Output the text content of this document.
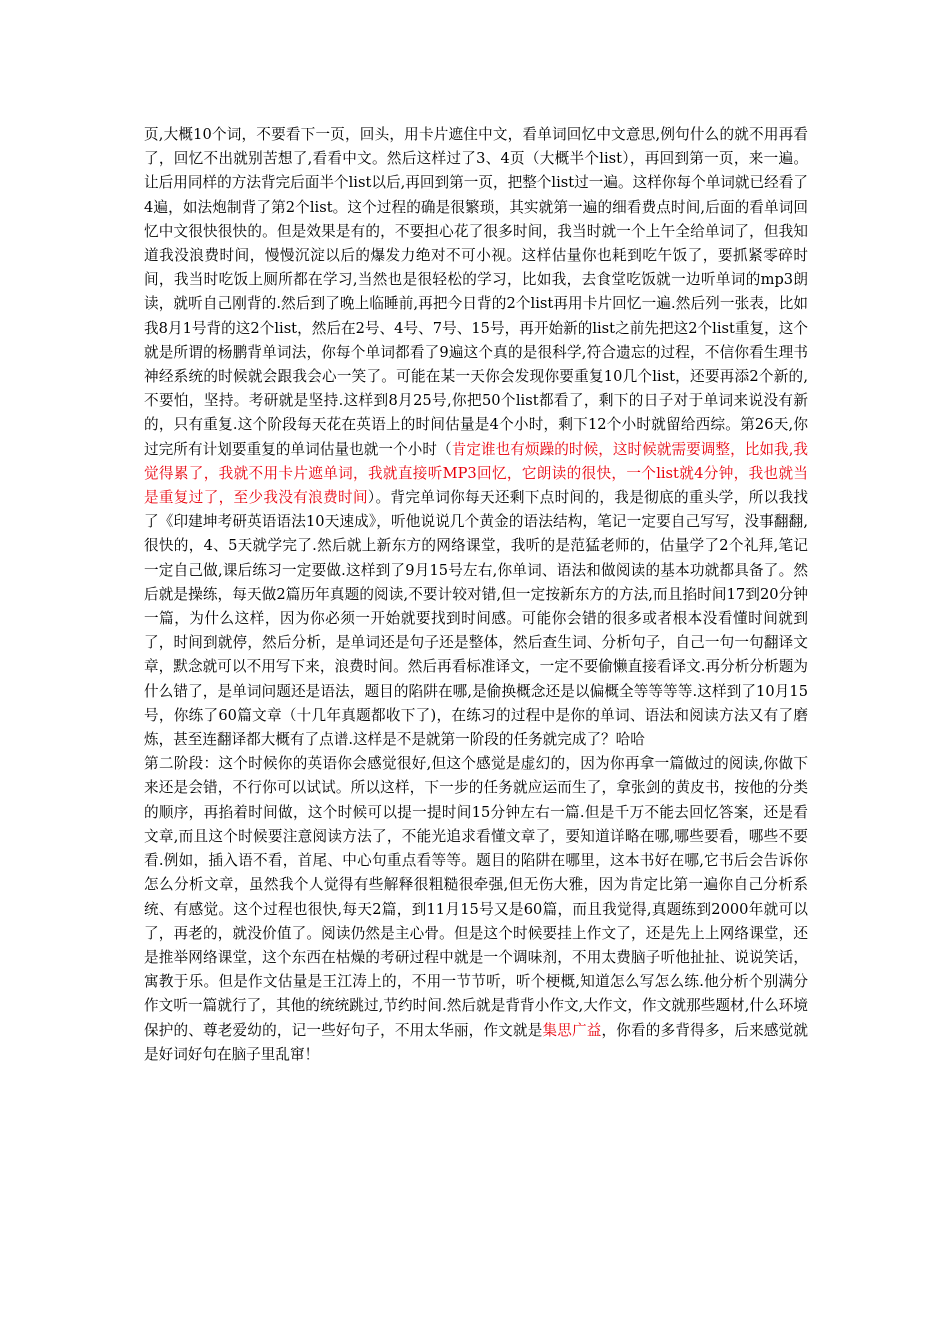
页,大概10个词，不要看下一页，回头，用卡片遮住中文，看单词回忆中文意思,例句什么的就不用再看了，回忆不出就别苦想了,看看中文。然后这样过了3、4页（大概半个list），再回到第一页，来一遍。让后用同样的方法背完后面半个list以后,再回到第一页，把整个list过一遍。这样你每个单词就已经看了4遍，如法炮制背了第2个list。这个过程的确是很繁琐，其实就第一遍的细看费点时间,后面的看单词回忆中文很快很快的。但是效果是有的，不要担心花了很多时间，我当时就一个上午全给单词了，但我知道我没浪费时间，慢慢沉淀以后的爆发力绝对不可小视。这样估量你也耗到吃午饭了，要抓紧零碎时间，我当时吃饭上厕所都在学习,当然也是很轻松的学习，比如我，去食堂吃饭就一边听单词的mp3朗读，就听自己刚背的.然后到了晚上临睡前,再把今日背的2个list再用卡片回忆一遍.然后列一张表，比如我8月1号背的这2个list，然后在2号、4号、7号、15号，再开始新的list之前先把这2个list重复，这个就是所谓的杨鹏背单词法，你每个单词都看了9遍这个真的是很科学,符合遗忘的过程，不信你看生理书神经系统的时候就会跟我会心一笑了。可能在某一天你会发现你要重复10几个list，还要再添2个新的,不要怕，坚持。考研就是坚持.这样到8月25号,你把50个list都看了，剩下的日子对于单词来说没有新的，只有重复.这个阶段每天花在英语上的时间估量是4个小时，剩下12个小时就留给西综。第26天,你过完所有计划要重复的单词估量也就一个小时（肯定谁也有烦躁的时候，这时候就需要调整，比如我,我觉得累了，我就不用卡片遮单词，我就直接听MP3回忆，它朗读的很快，一个list就4分钟，我也就当是重复过了，至少我没有浪费时间）。背完单词你每天还剩下点时间的，我是彻底的重头学，所以我找了《印建坤考研英语语法10天速成》，听他说说几个黄金的语法结构，笔记一定要自己写写，没事翻翻,很快的，4、5天就学完了.然后就上新东方的网络课堂，我听的是范猛老师的，估量学了2个礼拜,笔记一定自己做,课后练习一定要做.这样到了9月15号左右,你单词、语法和做阅读的基本功就都具备了。然后就是操练，每天做2篇历年真题的阅读,不要计较对错,但一定按新东方的方法,而且掐时间17到20分钟一篇，为什么这样，因为你必须一开始就要找到时间感。可能你会错的很多或者根本没看懂时间就到了，时间到就停，然后分析，是单词还是句子还是整体，然后查生词、分析句子，自己一句一句翻译文章，默念就可以不用写下来，浪费时间。然后再看标准译文，一定不要偷懒直接看译文.再分析分析题为什么错了，是单词问题还是语法，题目的陷阱在哪,是偷换概念还是以偏概全等等等等.这样到了10月15号，你练了60篇文章（十几年真题都收下了)，在练习的过程中是你的单词、语法和阅读方法又有了磨炼，甚至连翻译都大概有了点谱.这样是不是就第一阶段的任务就完成了？哈哈

第二阶段：这个时候你的英语你会感觉很好,但这个感觉是虚幻的，因为你再拿一篇做过的阅读,你做下来还是会错，不行你可以试试。所以这样，下一步的任务就应运而生了，拿张剑的黄皮书，按他的分类的顺序，再掐着时间做，这个时候可以提一提时间15分钟左右一篇.但是千万不能去回忆答案，还是看文章,而且这个时候要注意阅读方法了，不能光追求看懂文章了，要知道详略在哪,哪些要看，哪些不要看.例如，插入语不看，首尾、中心句重点看等等。题目的陷阱在哪里，这本书好在哪,它书后会告诉你怎么分析文章，虽然我个人觉得有些解释很粗糙很牵强,但无伤大雅，因为肯定比第一遍你自己分析系统、有感觉。这个过程也很快,每天2篇，到11月15号又是60篇，而且我觉得,真题练到2000年就可以了，再老的，就没价值了。阅读仍然是主心骨。但是这个时候要挂上作文了，还是先上上网络课堂，还是推举网络课堂，这个东西在枯燥的考研过程中就是一个调味剂，不用太费脑子听他扯扯、说说笑话，寓教于乐。但是作文估量是王江涛上的，不用一节节听，听个梗概,知道怎么写怎么练.他分析个别满分作文听一篇就行了，其他的统统跳过,节约时间.然后就是背背小作文,大作文，作文就那些题材,什么环境保护的、尊老爱幼的，记一些好句子，不用太华丽，作文就是集思广益，你看的多背得多，后来感觉就是好词好句在脑子里乱窜！
